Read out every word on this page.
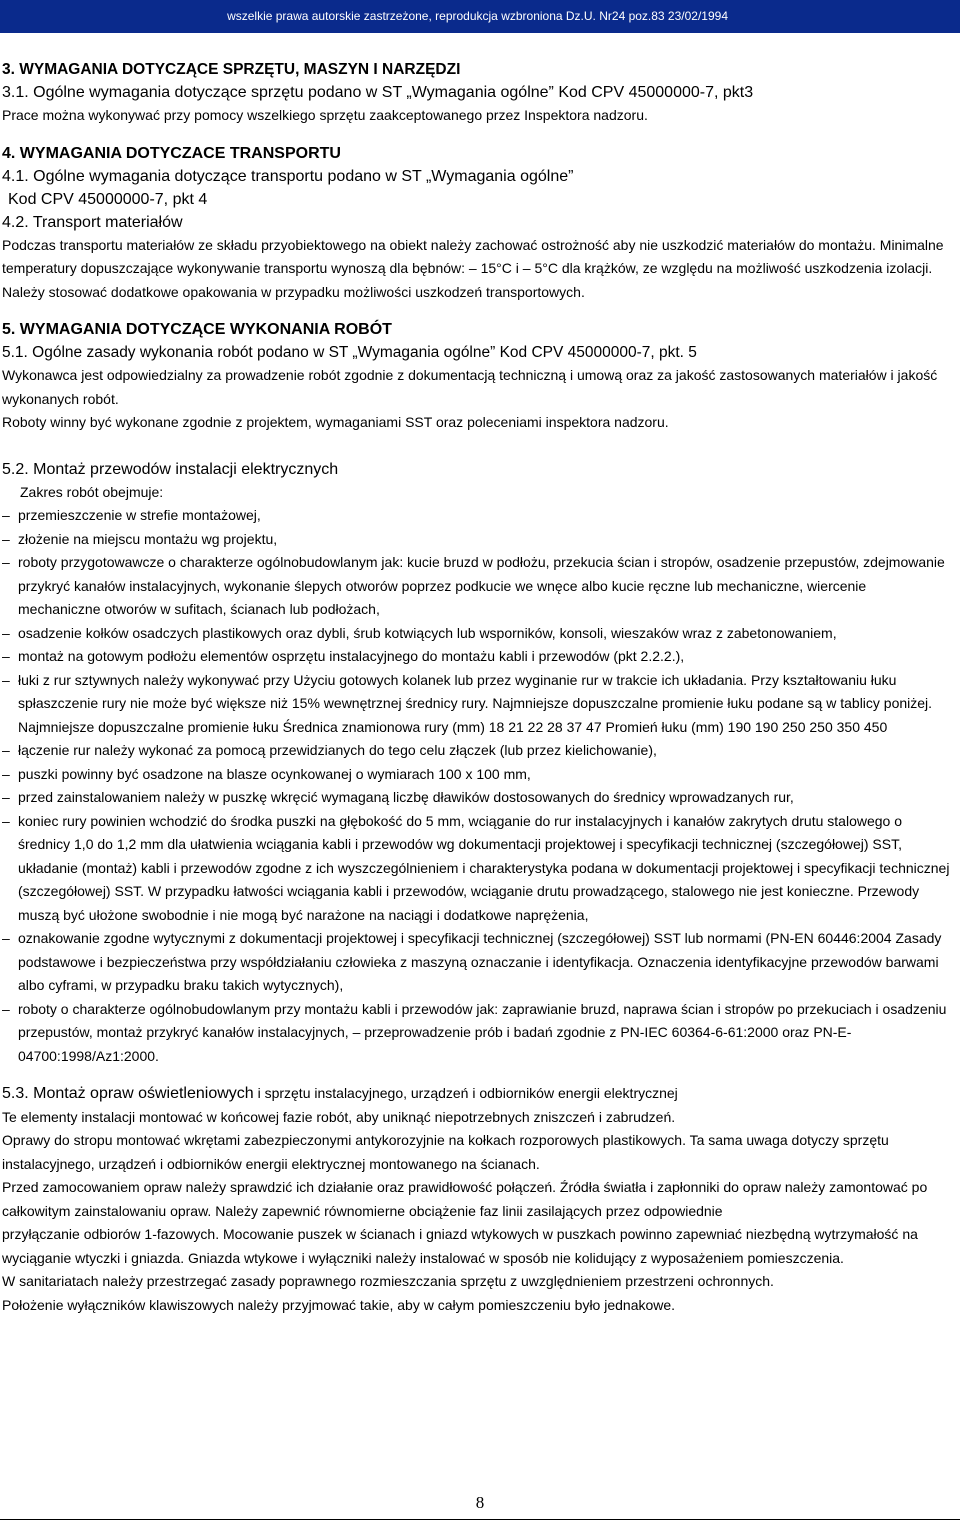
wszelkie prawa autorskie zastrzeżone, reprodukcja wzbroniona Dz.U. Nr24 poz.83 23/02/1994

3. WYMAGANIA DOTYCZĄCE SPRZĘTU, MASZYN I NARZĘDZI

3.1. Ogólne wymagania dotyczące sprzętu podano w ST „Wymagania ogólne” Kod CPV 45000000-7, pkt3

Prace można wykonywać przy pomocy wszelkiego sprzętu zaakceptowanego przez Inspektora nadzoru.

4. WYMAGANIA DOTYCZACE TRANSPORTU

4.1. Ogólne wymagania dotyczące transportu podano w ST „Wymagania ogólne”

Kod CPV 45000000-7, pkt 4

4.2. Transport materiałów

Podczas transportu materiałów ze składu przyobiektowego na obiekt należy zachować ostrożność aby nie uszkodzić materiałów do montażu. Minimalne temperatury dopuszczające wykonywanie transportu wynoszą dla bębnów: – 15°C i – 5°C dla krążków, ze względu na możliwość uszkodzenia izolacji.

Należy stosować dodatkowe opakowania w przypadku możliwości uszkodzeń transportowych.

5. WYMAGANIA DOTYCZĄCE WYKONANIA ROBÓT

5.1. Ogólne zasady wykonania robót podano w ST „Wymagania ogólne” Kod CPV 45000000-7, pkt. 5

Wykonawca jest odpowiedzialny za prowadzenie robót zgodnie z dokumentacją techniczną i umową oraz za jakość zastosowanych materiałów i jakość wykonanych robót.

Roboty winny być wykonane zgodnie z projektem, wymaganiami SST oraz poleceniami inspektora nadzoru.

5.2. Montaż przewodów instalacji elektrycznych

Zakres robót obejmuje:

– przemieszczenie w strefie montażowej,
– złożenie na miejscu montażu wg projektu,
– roboty przygotowawcze o charakterze ogólnobudowlanym jak: kucie bruzd w podłożu, przekucia ścian i stropów, osadzenie przepustów, zdejmowanie przykryć kanałów instalacyjnych, wykonanie ślepych otworów poprzez podkucie we wnęce albo kucie ręczne lub mechaniczne, wiercenie mechaniczne otworów w sufitach, ścianach lub podłożach,
– osadzenie kołków osadczych plastikowych oraz dybli, śrub kotwiących lub wsporników, konsoli, wieszaków wraz z zabetonowaniem,
– montaż na gotowym podłożu elementów osprzętu instalacyjnego do montażu kabli i przewodów (pkt 2.2.2.),
– łuki z rur sztywnych należy wykonywać przy Użyciu gotowych kolanek lub przez wyginanie rur w trakcie ich układania. Przy kształtowaniu łuku spłaszczenie rury nie może być większe niż 15% wewnętrznej średnicy rury. Najmniejsze dopuszczalne promienie łuku podane są w tablicy poniżej. Najmniejsze dopuszczalne promienie łuku Średnica znamionowa rury (mm) 18 21 22 28 37 47 Promień łuku (mm) 190 190 250 250 350 450
– łączenie rur należy wykonać za pomocą przewidzianych do tego celu złączek (lub przez kielichowanie),
– puszki powinny być osadzone na blasze ocynkowanej o wymiarach 100 x 100 mm,
– przed zainstalowaniem należy w puszkę wkręcić wymaganą liczbę dławików dostosowanych do średnicy wprowadzanych rur,
– koniec rury powinien wchodzić do środka puszki na głębokość do 5 mm, wciąganie do rur instalacyjnych i kanałów zakrytych drutu stalowego o średnicy 1,0 do 1,2 mm dla ułatwienia wciągania kabli i przewodów wg dokumentacji projektowej i specyfikacji technicznej (szczegółowej) SST, układanie (montaż) kabli i przewodów zgodne z ich wyszczególnieniem i charakterystyka podana w dokumentacji projektowej i specyfikacji technicznej (szczegółowej) SST. W przypadku łatwości wciągania kabli i przewodów, wciąganie drutu prowadzącego, stalowego nie jest konieczne. Przewody muszą być ułożone swobodnie i nie mogą być narażone na naciągi i dodatkowe naprężenia,
– oznakowanie zgodne wytycznymi z dokumentacji projektowej i specyfikacji technicznej (szczegółowej) SST lub normami (PN-EN 60446:2004 Zasady podstawowe i bezpieczeństwa przy współdziałaniu człowieka z maszyną oznaczanie i identyfikacja. Oznaczenia identyfikacyjne przewodów barwami albo cyframi, w przypadku braku takich wytycznych),
– roboty o charakterze ogólnobudowlanym przy montażu kabli i przewodów jak: zaprawianie bruzd, naprawa ścian i stropów po przekuciach i osadzeniu przepustów, montaż przykryć kanałów instalacyjnych, – przeprowadzenie prób i badań zgodnie z PN-IEC 60364-6-61:2000 oraz PN-E-04700:1998/Az1:2000.

5.3. Montaż opraw oświetleniowych i sprzętu instalacyjnego, urządzeń i odbiorników energii elektrycznej

Te elementy instalacji montować w końcowej fazie robót, aby uniknąć niepotrzebnych zniszczeń i zabrudzeń.

Oprawy do stropu montować wkrętami zabezpieczonymi antykorozyjnie na kołkach rozporowych plastikowych. Ta sama uwaga dotyczy sprzętu instalacyjnego, urządzeń i odbiorników energii elektrycznej montowanego na ścianach.

Przed zamocowaniem opraw należy sprawdzić ich działanie oraz prawidłowość połączeń. Źródła światła i zapłonniki do opraw należy zamontować po całkowitym zainstalowaniu opraw. Należy zapewnić równomierne obciążenie faz linii zasilających przez odpowiednie

przyłączanie odbiorów 1-fazowych. Mocowanie puszek w ścianach i gniazd wtykowych w puszkach powinno zapewniać niezbędną wytrzymałość na wyciąganie wtyczki i gniazda. Gniazda wtykowe i wyłączniki należy instalować w sposób nie kolidujący z wyposażeniem pomieszczenia.

W sanitariatach należy przestrzegać zasady poprawnego rozmieszczania sprzętu z uwzględnieniem przestrzeni ochronnych.

Położenie wyłączników klawiszowych należy przyjmować takie, aby w całym pomieszczeniu było jednakowe.

8
